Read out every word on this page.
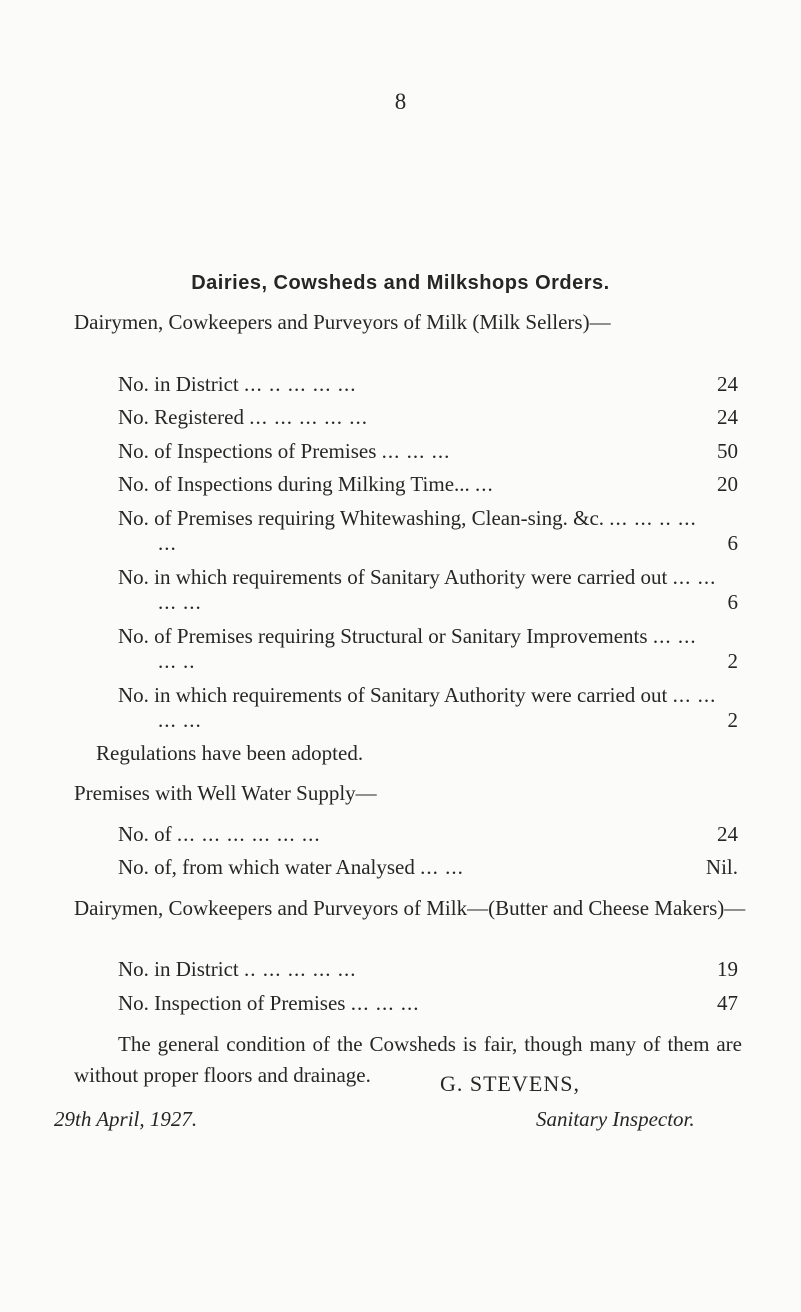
8
Dairies, Cowsheds and Milkshops Orders.
Dairymen, Cowkeepers and Purveyors of Milk (Milk Sellers)—
No. in District ... .. ... ... ...	24
No. Registered ... ... ... ... ...	24
No. of Inspections of Premises ... ... ...	50
No. of Inspections during Milking Time... ...	20
No. of Premises requiring Whitewashing, Clean-sing. &c. ... ... .. ... ...	6
No. in which requirements of Sanitary Authority were carried out ... ... ... ...	6
No. of Premises requiring Structural or Sanitary Improvements ... ... ... ..	2
No. in which requirements of Sanitary Authority were carried out ... ... ... ...	2
Regulations have been adopted.
Premises with Well Water Supply—
No. of ... ... ... ... ... ...	24
No. of, from which water Analysed ... ...	Nil.
Dairymen, Cowkeepers and Purveyors of Milk—(Butter and Cheese Makers)—
No. in District .. ... ... ... ...	19
No. Inspection of Premises ... ... ...	47
The general condition of the Cowsheds is fair, though many of them are without proper floors and drainage.	G. STEVENS,
29th April, 1927.	Sanitary Inspector.
